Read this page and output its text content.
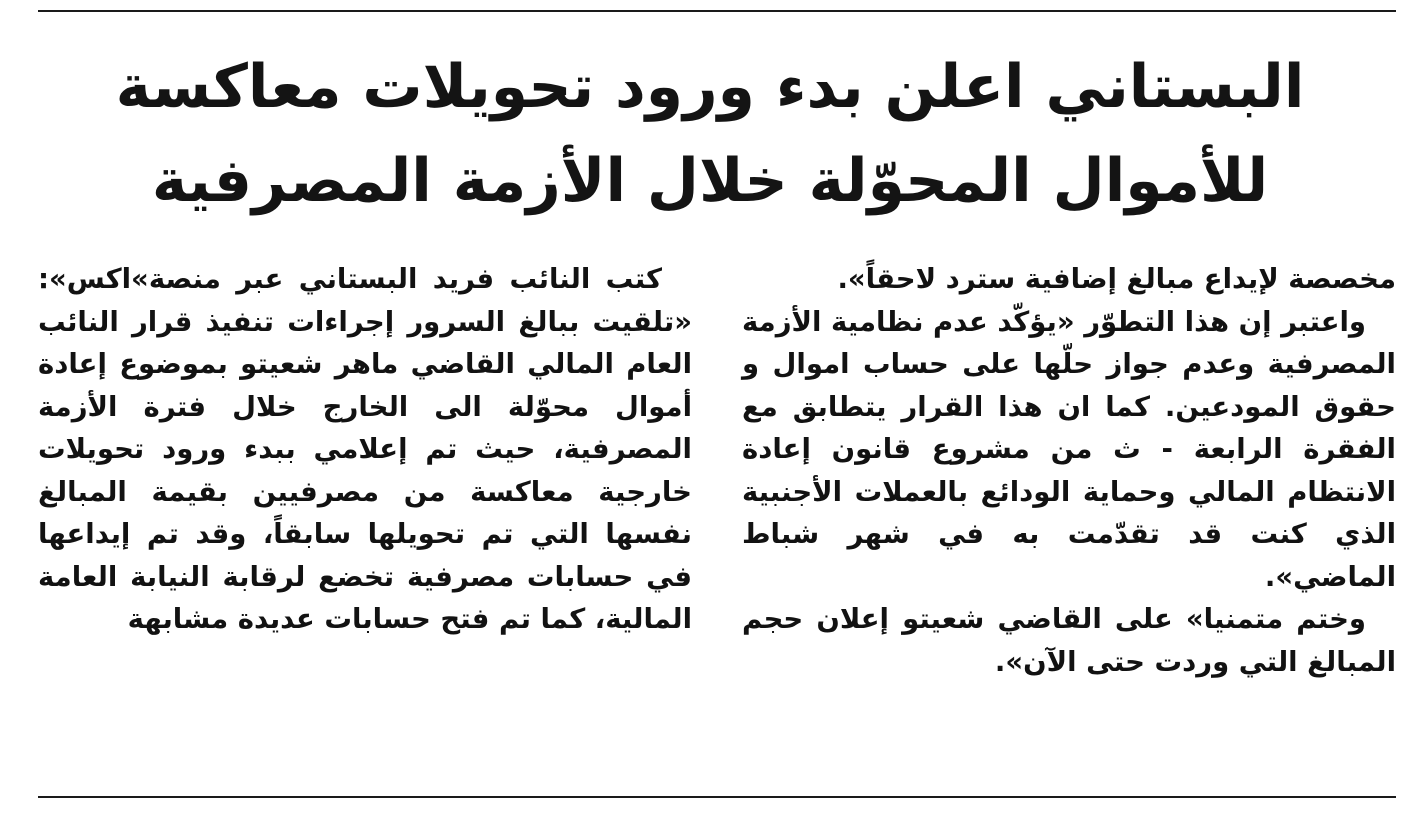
البستاني اعلن بدء ورود تحويلات معاكسة
للأموال المحوّلة خلال الأزمة المصرفية

كتب النائب فريد البستاني عبر منصة»اكس»: «تلقيت ببالغ السرور إجراءات تنفيذ قرار النائب العام المالي القاضي ماهر شعيتو بموضوع إعادة أموال محوّلة الى الخارج خلال فترة الأزمة المصرفية، حيث تم إعلامي ببدء ورود تحويلات خارجية معاكسة من مصرفيين بقيمة المبالغ نفسها التي تم تحويلها سابقاً، وقد تم إيداعها في حسابات مصرفية تخضع لرقابة النيابة العامة المالية، كما تم فتح حسابات عديدة مشابهة

مخصصة لإيداع مبالغ إضافية سترد لاحقاً».

واعتبر إن هذا التطوّر «يؤكّد عدم نظامية الأزمة المصرفية وعدم جواز حلّها على حساب اموال و حقوق المودعين. كما ان هذا القرار يتطابق مع الفقرة الرابعة - ث من مشروع قانون إعادة الانتظام المالي وحماية الودائع بالعملات الأجنبية الذي كنت قد تقدّمت به في شهر شباط الماضي».

وختم متمنيا» على القاضي شعيتو إعلان حجم المبالغ التي وردت حتى الآن».
